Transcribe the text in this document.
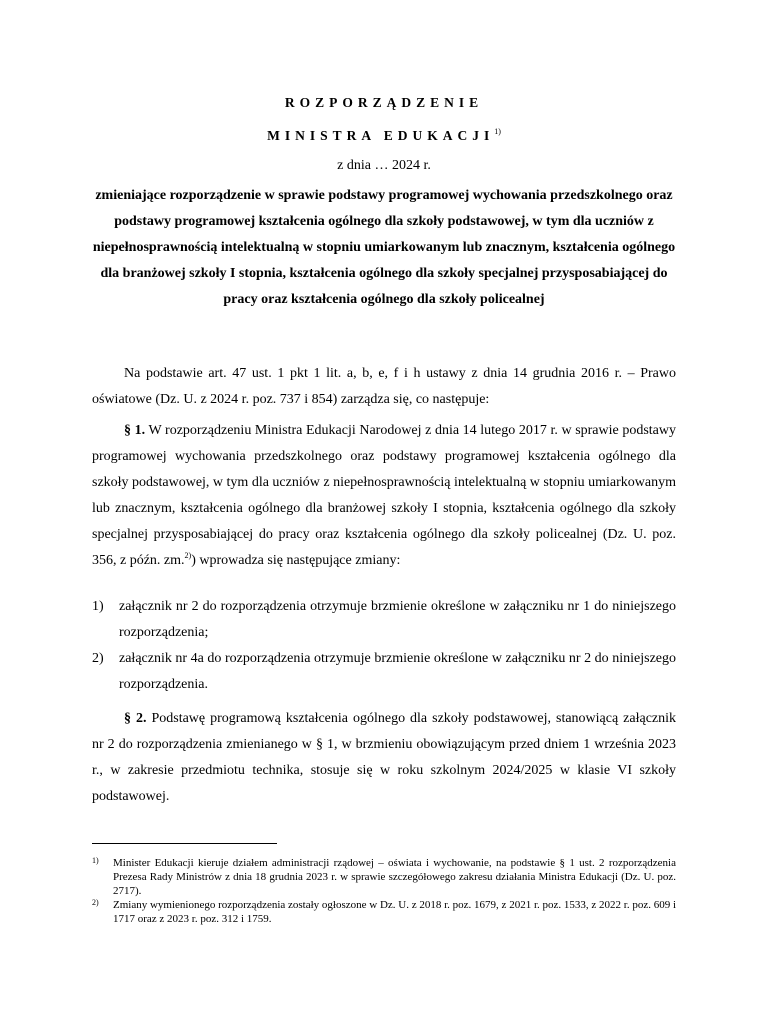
ROZPORZĄDZENIE
MINISTRA EDUKACJI$^{1)}$
z dnia … 2024 r.
zmieniające rozporządzenie w sprawie podstawy programowej wychowania przedszkolnego oraz podstawy programowej kształcenia ogólnego dla szkoły podstawowej, w tym dla uczniów z niepełnosprawnością intelektualną w stopniu umiarkowanym lub znacznym, kształcenia ogólnego dla branżowej szkoły I stopnia, kształcenia ogólnego dla szkoły specjalnej przysposabiającej do pracy oraz kształcenia ogólnego dla szkoły policealnej

Na podstawie art. 47 ust. 1 pkt 1 lit. a, b, e, f i h ustawy z dnia 14 grudnia 2016 r. – Prawo oświatowe (Dz. U. z 2024 r. poz. 737 i 854) zarządza się, co następuje:

§ 1. W rozporządzeniu Ministra Edukacji Narodowej z dnia 14 lutego 2017 r. w sprawie podstawy programowej wychowania przedszkolnego oraz podstawy programowej kształcenia ogólnego dla szkoły podstawowej, w tym dla uczniów z niepełnosprawnością intelektualną w stopniu umiarkowanym lub znacznym, kształcenia ogólnego dla branżowej szkoły I stopnia, kształcenia ogólnego dla szkoły specjalnej przysposabiającej do pracy oraz kształcenia ogólnego dla szkoły policealnej (Dz. U. poz. 356, z późn. zm.$^{2)}$) wprowadza się następujące zmiany:

1) załącznik nr 2 do rozporządzenia otrzymuje brzmienie określone w załączniku nr 1 do niniejszego rozporządzenia;
2) załącznik nr 4a do rozporządzenia otrzymuje brzmienie określone w załączniku nr 2 do niniejszego rozporządzenia.

§ 2. Podstawę programową kształcenia ogólnego dla szkoły podstawowej, stanowiącą załącznik nr 2 do rozporządzenia zmienianego w § 1, w brzmieniu obowiązującym przed dniem 1 września 2023 r., w zakresie przedmiotu technika, stosuje się w roku szkolnym 2024/2025 w klasie VI szkoły podstawowej.

1) Minister Edukacji kieruje działem administracji rządowej – oświata i wychowanie, na podstawie § 1 ust. 2 rozporządzenia Prezesa Rady Ministrów z dnia 18 grudnia 2023 r. w sprawie szczegółowego zakresu działania Ministra Edukacji (Dz. U. poz. 2717).
2) Zmiany wymienionego rozporządzenia zostały ogłoszone w Dz. U. z 2018 r. poz. 1679, z 2021 r. poz. 1533, z 2022 r. poz. 609 i 1717 oraz z 2023 r. poz. 312 i 1759.
